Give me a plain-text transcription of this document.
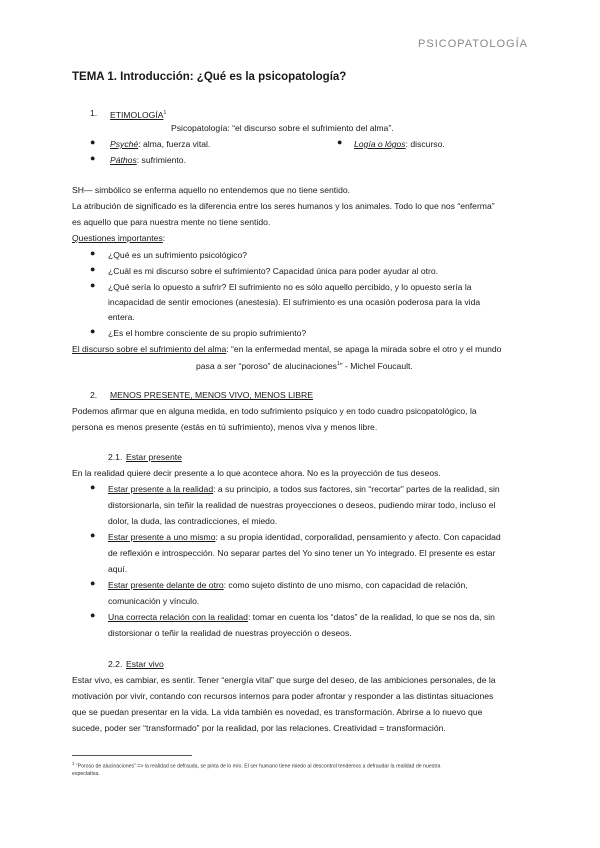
PSICOPATOLOGÍA
TEMA 1. Introducción: ¿Qué es la psicopatología?
1. ETIMOLOGÍA$^1$
Psicopatología: “el discurso sobre el sufrimiento del alma”.
● Psyché: alma, fuerza vital.	● Logía o lógos: discurso.
● Páthos: sufrimiento.
SH— simbólico se enferma aquello no entendemos que no tiene sentido.
La atribución de significado es la diferencia entre los seres humanos y los animales. Todo lo que nos “enferma”
es aquello que para nuestra mente no tiene sentido.
Questiones importantes:
● ¿Qué es un sufrimiento psicológico?
● ¿Cuál es mi discurso sobre el sufrimiento? Capacidad única para poder ayudar al otro.
● ¿Qué sería lo opuesto a sufrir? El sufrimiento no es sólo aquello percibido, y lo opuesto sería la
incapacidad de sentir emociones (anestesia). El sufrimiento es una ocasión poderosa para la vida
entera.
● ¿Es el hombre consciente de su propio sufrimiento?
El discurso sobre el sufrimiento del alma: “en la enfermedad mental, se apaga la mirada sobre el otro y el mundo
pasa a ser “poroso” de alucinaciones$^1$” - Michel Foucault.
2. MENOS PRESENTE, MENOS VIVO, MENOS LIBRE
Podemos afirmar que en alguna medida, en todo sufrimiento psíquico y en todo cuadro psicopatológico, la
persona es menos presente (estás en tú sufrimiento), menos viva y menos libre.
2.1. Estar presente
En la realidad quiere decir presente a lo que acontece ahora. No es la proyección de tus deseos.
● Estar presente a la realidad: a su principio, a todos sus factores, sin “recortar” partes de la realidad, sin
distorsionarla, sin teñir la realidad de nuestras proyecciones o deseos, pudiendo mirar todo, incluso el
dolor, la duda, las contradicciones, el miedo.
● Estar presente a uno mismo: a su propia identidad, corporalidad, pensamiento y afecto. Con capacidad
de reflexión e introspección. No separar partes del Yo sino tener un Yo integrado. El presente es estar
aquí.
● Estar presente delante de otro: como sujeto distinto de uno mismo, con capacidad de relación,
comunicación y vínculo.
● Una correcta relación con la realidad: tomar en cuenta los “datos” de la realidad, lo que se nos da, sin
distorsionar o teñir la realidad de nuestras proyección o deseos.
2.2. Estar vivo
Estar vivo, es cambiar, es sentir. Tener “energía vital” que surge del deseo, de las ambiciones personales, de la
motivación por vivir, contando con recursos internos para poder afrontar y responder a las distintas situaciones
que se puedan presentar en la vida. La vida también es novedad, es transformación. Abrirse a lo nuevo que
sucede, poder ser “transformado” por la realidad, por las relaciones. Creatividad = transformación.
$^1$ “Poroso de alucinaciones” => la realidad se defrauda, se pinta de lo mío. El ser humano tiene miedo al descontrol tendemos a defraudar la realidad de nuestra
expectativa.
